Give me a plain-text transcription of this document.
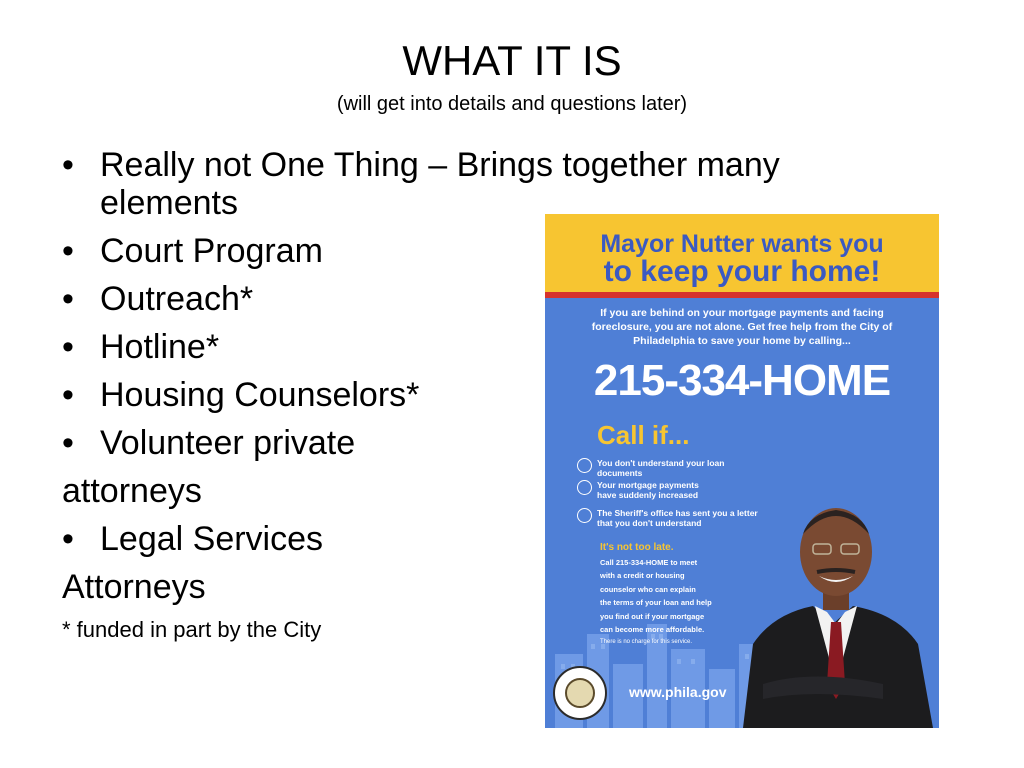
WHAT IT IS
(will get into details and questions later)
• Really not One Thing – Brings together many elements
• Court Program
• Outreach*
• Hotline*
• Housing Counselors*
• Volunteer private
attorneys
• Legal Services
Attorneys
* funded in part by the City
Mayor Nutter wants you
to keep your home!
If you are behind on your mortgage payments and facing foreclosure, you are not alone. Get free help from the City of Philadelphia to save your home by calling...
215-334-HOME
Call if...
You don't understand your loan documents
Your mortgage payments have suddenly increased
The Sheriff's office has sent you a letter that you don't understand
It's not too late.
Call 215-334-HOME to meet
with a credit or housing
counselor who can explain
the terms of your loan and help
you find out if your mortgage
can become more affordable.
There is no charge for this service.
www.phila.gov
